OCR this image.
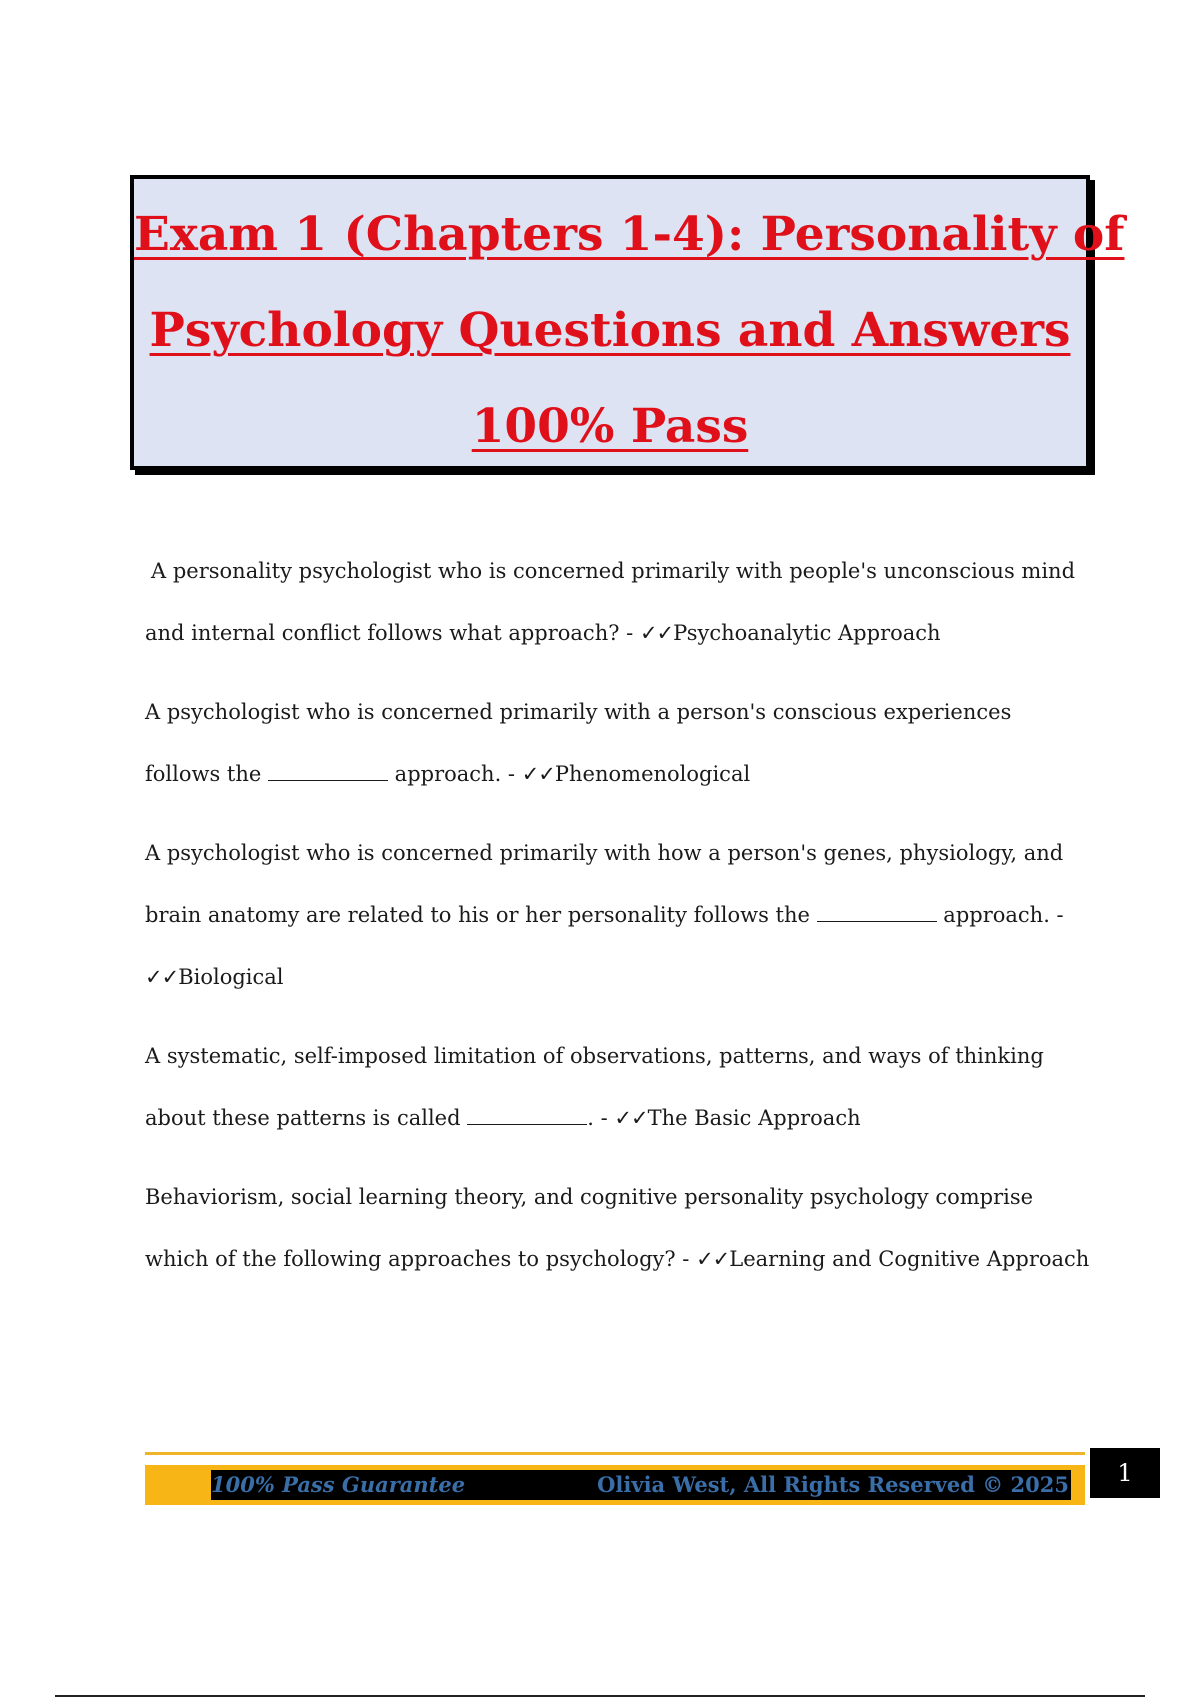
Exam 1 (Chapters 1-4): Personality of
Psychology Questions and Answers
100% Pass

A personality psychologist who is concerned primarily with people's unconscious mind and internal conflict follows what approach? - ✓✓Psychoanalytic Approach

A psychologist who is concerned primarily with a person's conscious experiences follows the	approach. - ✓✓Phenomenological

A psychologist who is concerned primarily with how a person's genes, physiology, and brain anatomy are related to his or her personality follows the	approach. - ✓✓Biological

A systematic, self-imposed limitation of observations, patterns, and ways of thinking about these patterns is called	. - ✓✓The Basic Approach

Behaviorism, social learning theory, and cognitive personality psychology comprise which of the following approaches to psychology? - ✓✓Learning and Cognitive Approach

100% Pass Guarantee	Olivia West, All Rights Reserved © 2025	1
